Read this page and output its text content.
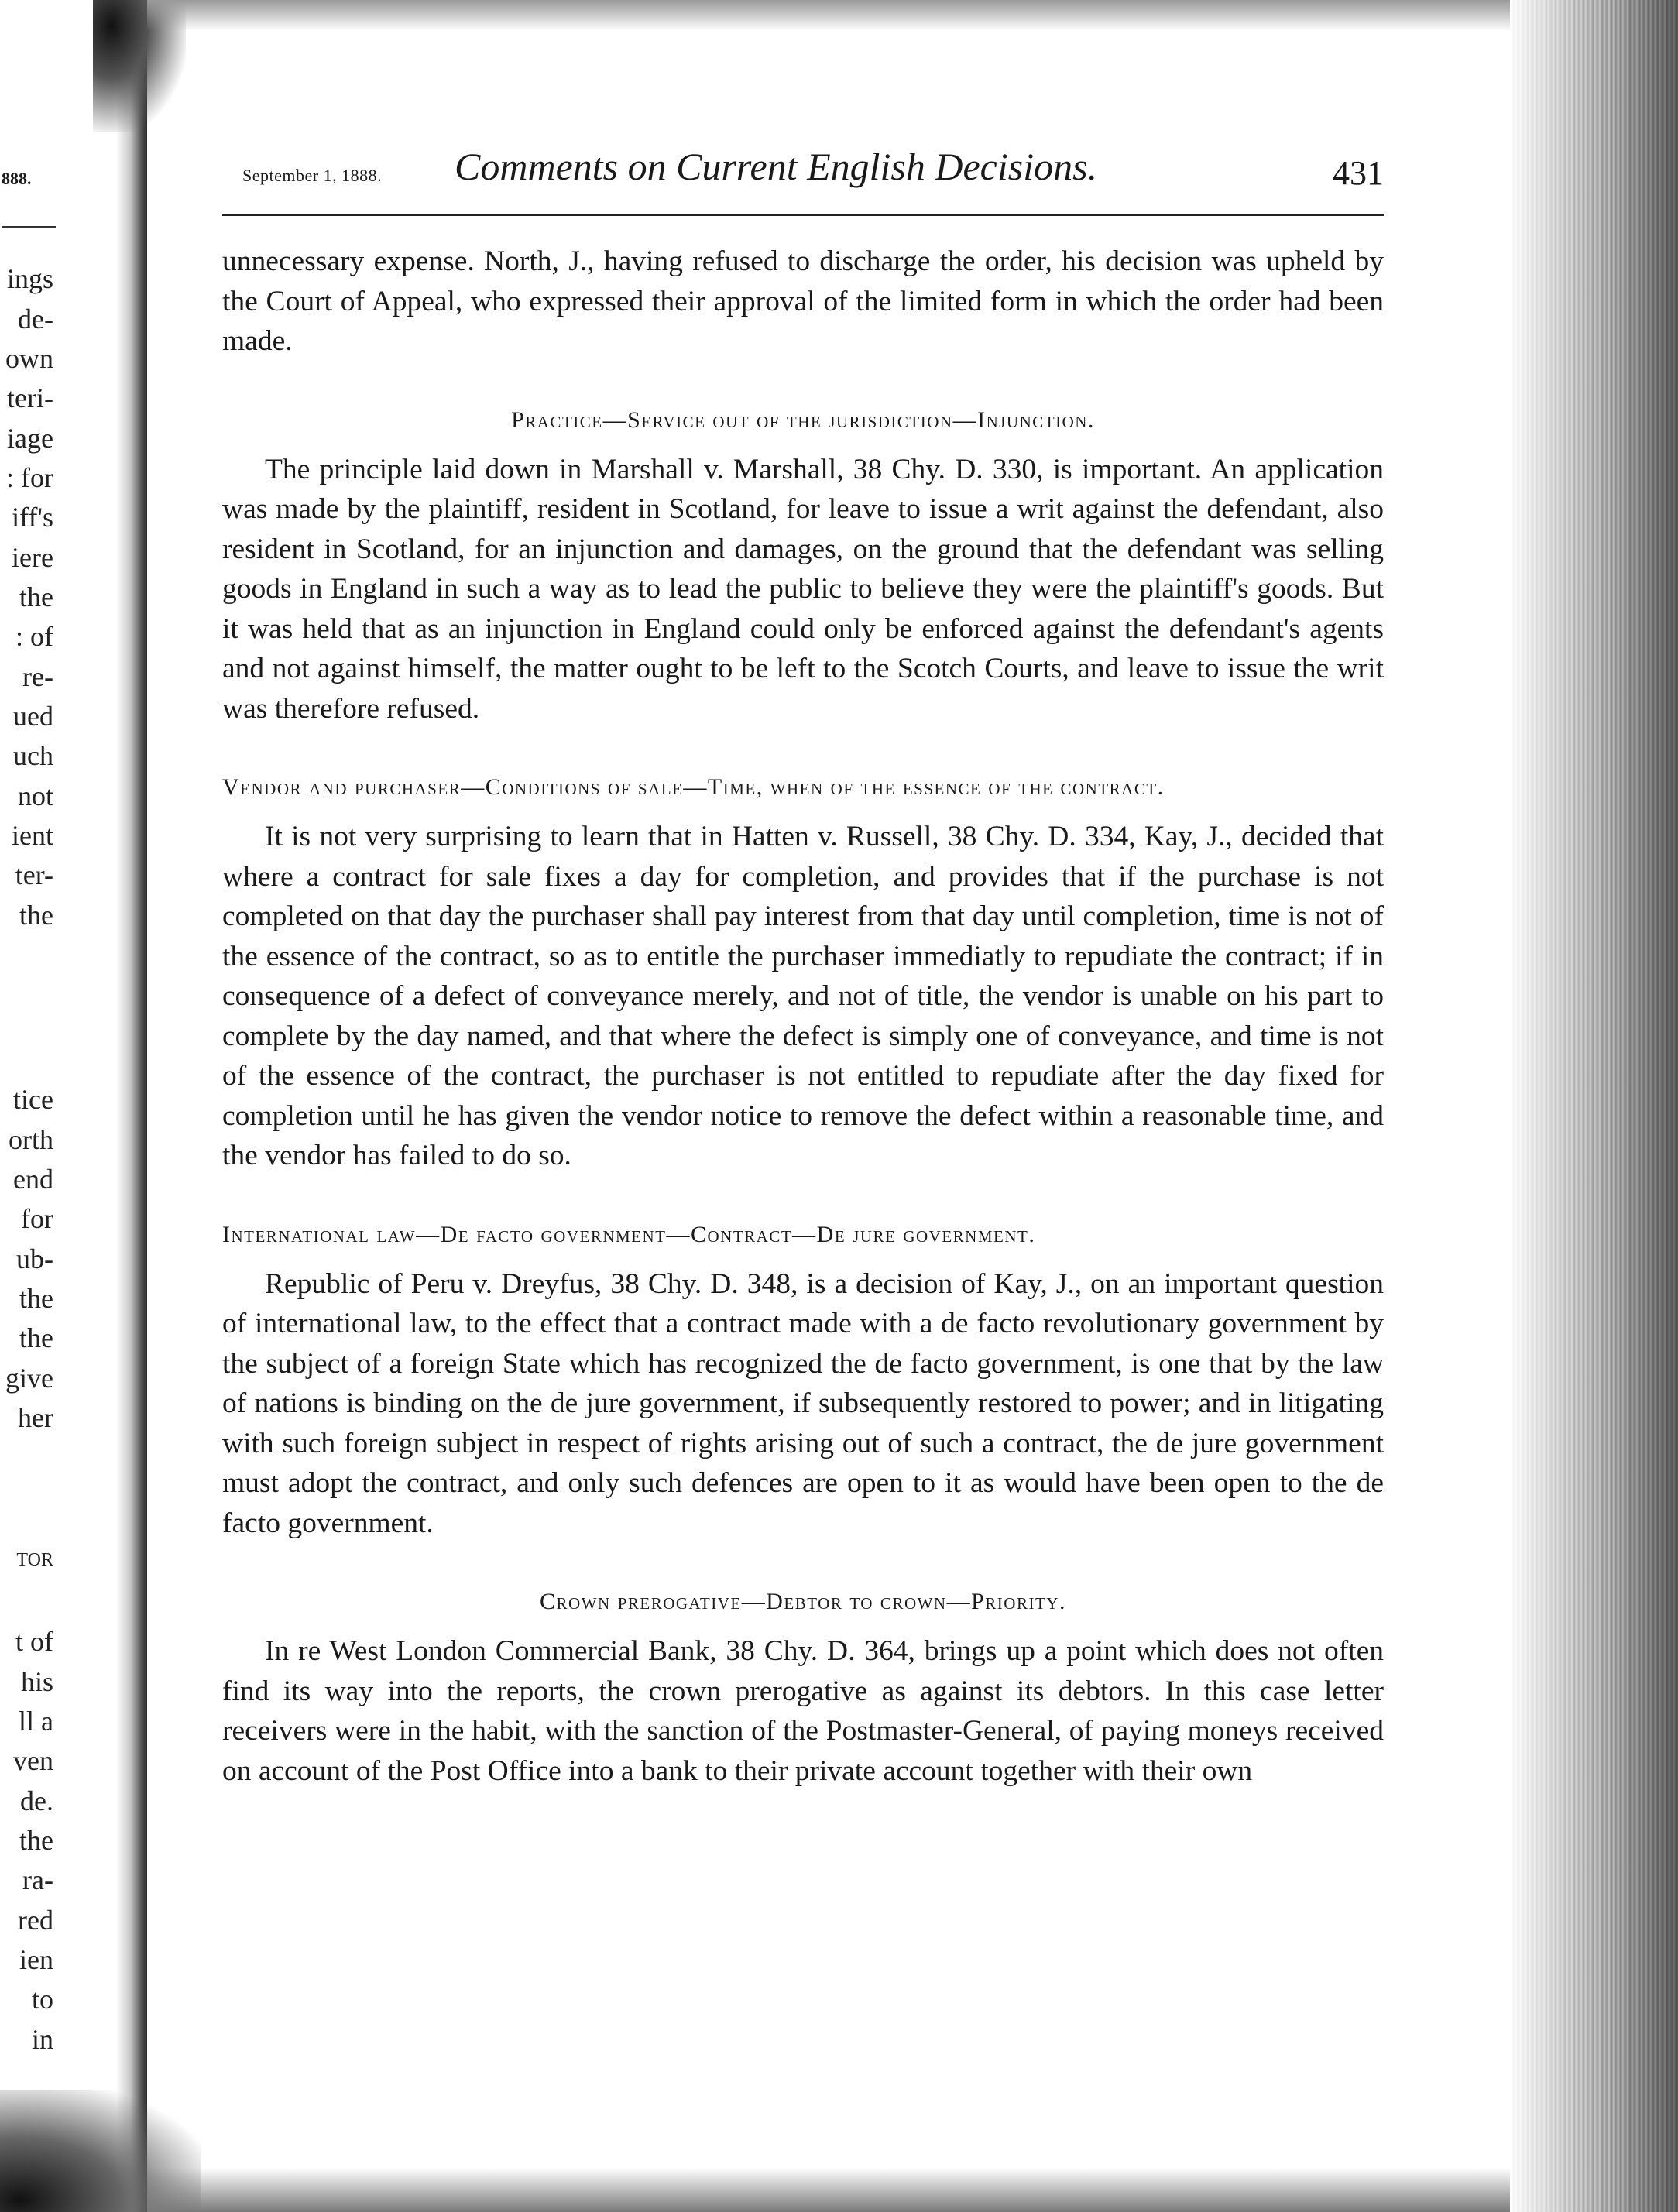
888.
ings
de-
own
teri-
iage
: for
iff's
iere
the
: of
re-
ued
uch
not
ient
ter-
the
tice
orth
end
for
ub-
the
the
give
her
TOR
t of
his
ll a
ven
de.
the
ra-
red
ien
to
in
September 1, 1888. Comments on Current English Decisions.	431

unnecessary expense. North, J., having refused to discharge the order, his decision was upheld by the Court of Appeal, who expressed their approval of the limited form in which the order had been made.

Practice—Service out of the jurisdiction—Injunction.

The principle laid down in Marshall v. Marshall, 38 Chy. D. 330, is important. An application was made by the plaintiff, resident in Scotland, for leave to issue a writ against the defendant, also resident in Scotland, for an injunction and damages, on the ground that the defendant was selling goods in England in such a way as to lead the public to believe they were the plaintiff's goods. But it was held that as an injunction in England could only be enforced against the defendant's agents and not against himself, the matter ought to be left to the Scotch Courts, and leave to issue the writ was therefore refused.

Vendor and purchaser—Conditions of sale—Time, when of the essence of the contract.

It is not very surprising to learn that in Hatten v. Russell, 38 Chy. D. 334, Kay, J., decided that where a contract for sale fixes a day for completion, and provides that if the purchase is not completed on that day the purchaser shall pay interest from that day until completion, time is not of the essence of the contract, so as to entitle the purchaser immediatly to repudiate the contract; if in consequence of a defect of conveyance merely, and not of title, the vendor is unable on his part to complete by the day named, and that where the defect is simply one of conveyance, and time is not of the essence of the contract, the purchaser is not entitled to repudiate after the day fixed for completion until he has given the vendor notice to remove the defect within a reasonable time, and the vendor has failed to do so.

International law—De facto government—Contract—De jure government.

Republic of Peru v. Dreyfus, 38 Chy. D. 348, is a decision of Kay, J., on an important question of international law, to the effect that a contract made with a de facto revolutionary government by the subject of a foreign State which has recognized the de facto government, is one that by the law of nations is binding on the de jure government, if subsequently restored to power; and in litigating with such foreign subject in respect of rights arising out of such a contract, the de jure government must adopt the contract, and only such defences are open to it as would have been open to the de facto government.

Crown prerogative—Debtor to crown—Priority.

In re West London Commercial Bank, 38 Chy. D. 364, brings up a point which does not often find its way into the reports, the crown prerogative as against its debtors. In this case letter receivers were in the habit, with the sanction of the Postmaster-General, of paying moneys received on account of the Post Office into a bank to their private account together with their own
